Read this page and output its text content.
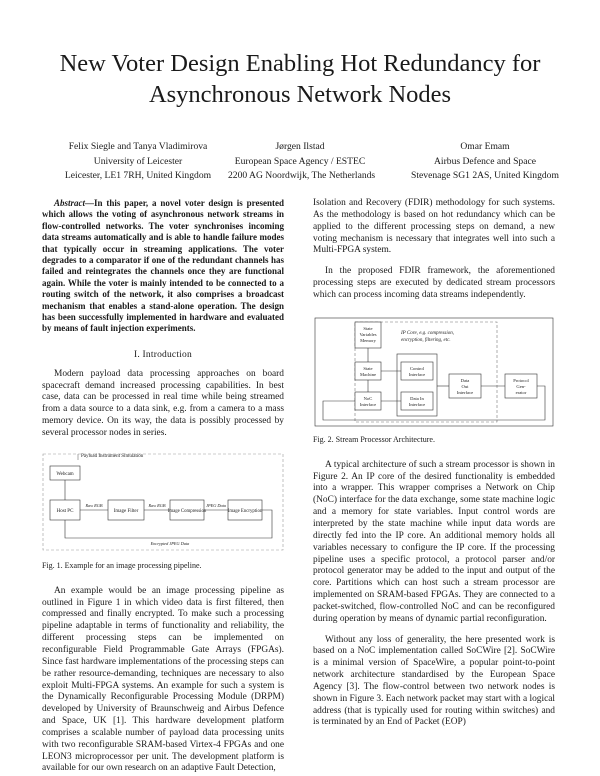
New Voter Design Enabling Hot Redundancy for
Asynchronous Network Nodes
Felix Siegle and Tanya Vladimirova
University of Leicester
Leicester, LE1 7RH, United Kingdom
Jørgen Ilstad
European Space Agency / ESTEC
2200 AG Noordwijk, The Netherlands
Omar Emam
Airbus Defence and Space
Stevenage SG1 2AS, United Kingdom

Abstract—In this paper, a novel voter design is presented which allows the voting of asynchronous network streams in flow-controlled networks. The voter synchronises incoming data streams automatically and is able to handle failure modes that typically occur in streaming applications. The voter degrades to a comparator if one of the redundant channels has failed and reintegrates the channels once they are functional again. While the voter is mainly intended to be connected to a routing switch of the network, it also comprises a broadcast mechanism that enables a stand-alone operation. The design has been successfully implemented in hardware and evaluated by means of fault injection experiments.

I. Introduction

Modern payload data processing approaches on board spacecraft demand increased processing capabilities. In best case, data can be processed in real time while being streamed from a data source to a data sink, e.g. from a camera to a mass memory device. On its way, the data is possibly processed by several processor nodes in series.

Payload Instrument Simulation
Webcam
Host PC
Raw RGB
Image Filter
Raw RGB
Image Compression
JPEG Data
Image Encryption
Encrypted JPEG Data

Fig. 1. Example for an image processing pipeline.

An example would be an image processing pipeline as outlined in Figure 1 in which video data is first filtered, then compressed and finally encrypted. To make such a processing pipeline adaptable in terms of functionality and reliability, the different processing steps can be implemented on reconfigurable Field Programmable Gate Arrays (FPGAs). Since fast hardware implementations of the processing steps can be rather resource-demanding, techniques are necessary to also exploit Multi-FPGA systems. An example for such a system is the Dynamically Reconfigurable Processing Module (DRPM) developed by University of Braunschweig and Airbus Defence and Space, UK [1]. This hardware development platform comprises a scalable number of payload data processing units with two reconfigurable SRAM-based Virtex-4 FPGAs and one LEON3 microprocessor per unit. The development platform is available for our own research on an adaptive Fault Detection,

Isolation and Recovery (FDIR) methodology for such systems. As the methodology is based on hot redundancy which can be applied to the different processing steps on demand, a new voting mechanism is necessary that integrates well into such a Multi-FPGA system.

In the proposed FDIR framework, the aforementioned processing steps are executed by dedicated stream processors which can process incoming data streams independently.

IP Core, e.g. compression,
encryption, filtering, etc.
State
Variables
Memory
State
Machine
NoC
Interface
Control
Interface
Data In
Interface
Data
Out
Interface
Protocol
Gen-
erator

Fig. 2. Stream Processor Architecture.

A typical architecture of such a stream processor is shown in Figure 2. An IP core of the desired functionality is embedded into a wrapper. This wrapper comprises a Network on Chip (NoC) interface for the data exchange, some state machine logic and a memory for state variables. Input control words are interpreted by the state machine while input data words are directly fed into the IP core. An additional memory holds all variables necessary to configure the IP core. If the processing pipeline uses a specific protocol, a protocol parser and/or protocol generator may be added to the input and output of the core. Partitions which can host such a stream processor are implemented on SRAM-based FPGAs. They are connected to a packet-switched, flow-controlled NoC and can be reconfigured during operation by means of dynamic partial reconfiguration.

Without any loss of generality, the here presented work is based on a NoC implementation called SoCWire [2]. SoCWire is a minimal version of SpaceWire, a popular point-to-point network architecture standardised by the European Space Agency [3]. The flow-control between two network nodes is shown in Figure 3. Each network packet may start with a logical address (that is typically used for routing within switches) and is terminated by an End of Packet (EOP)
